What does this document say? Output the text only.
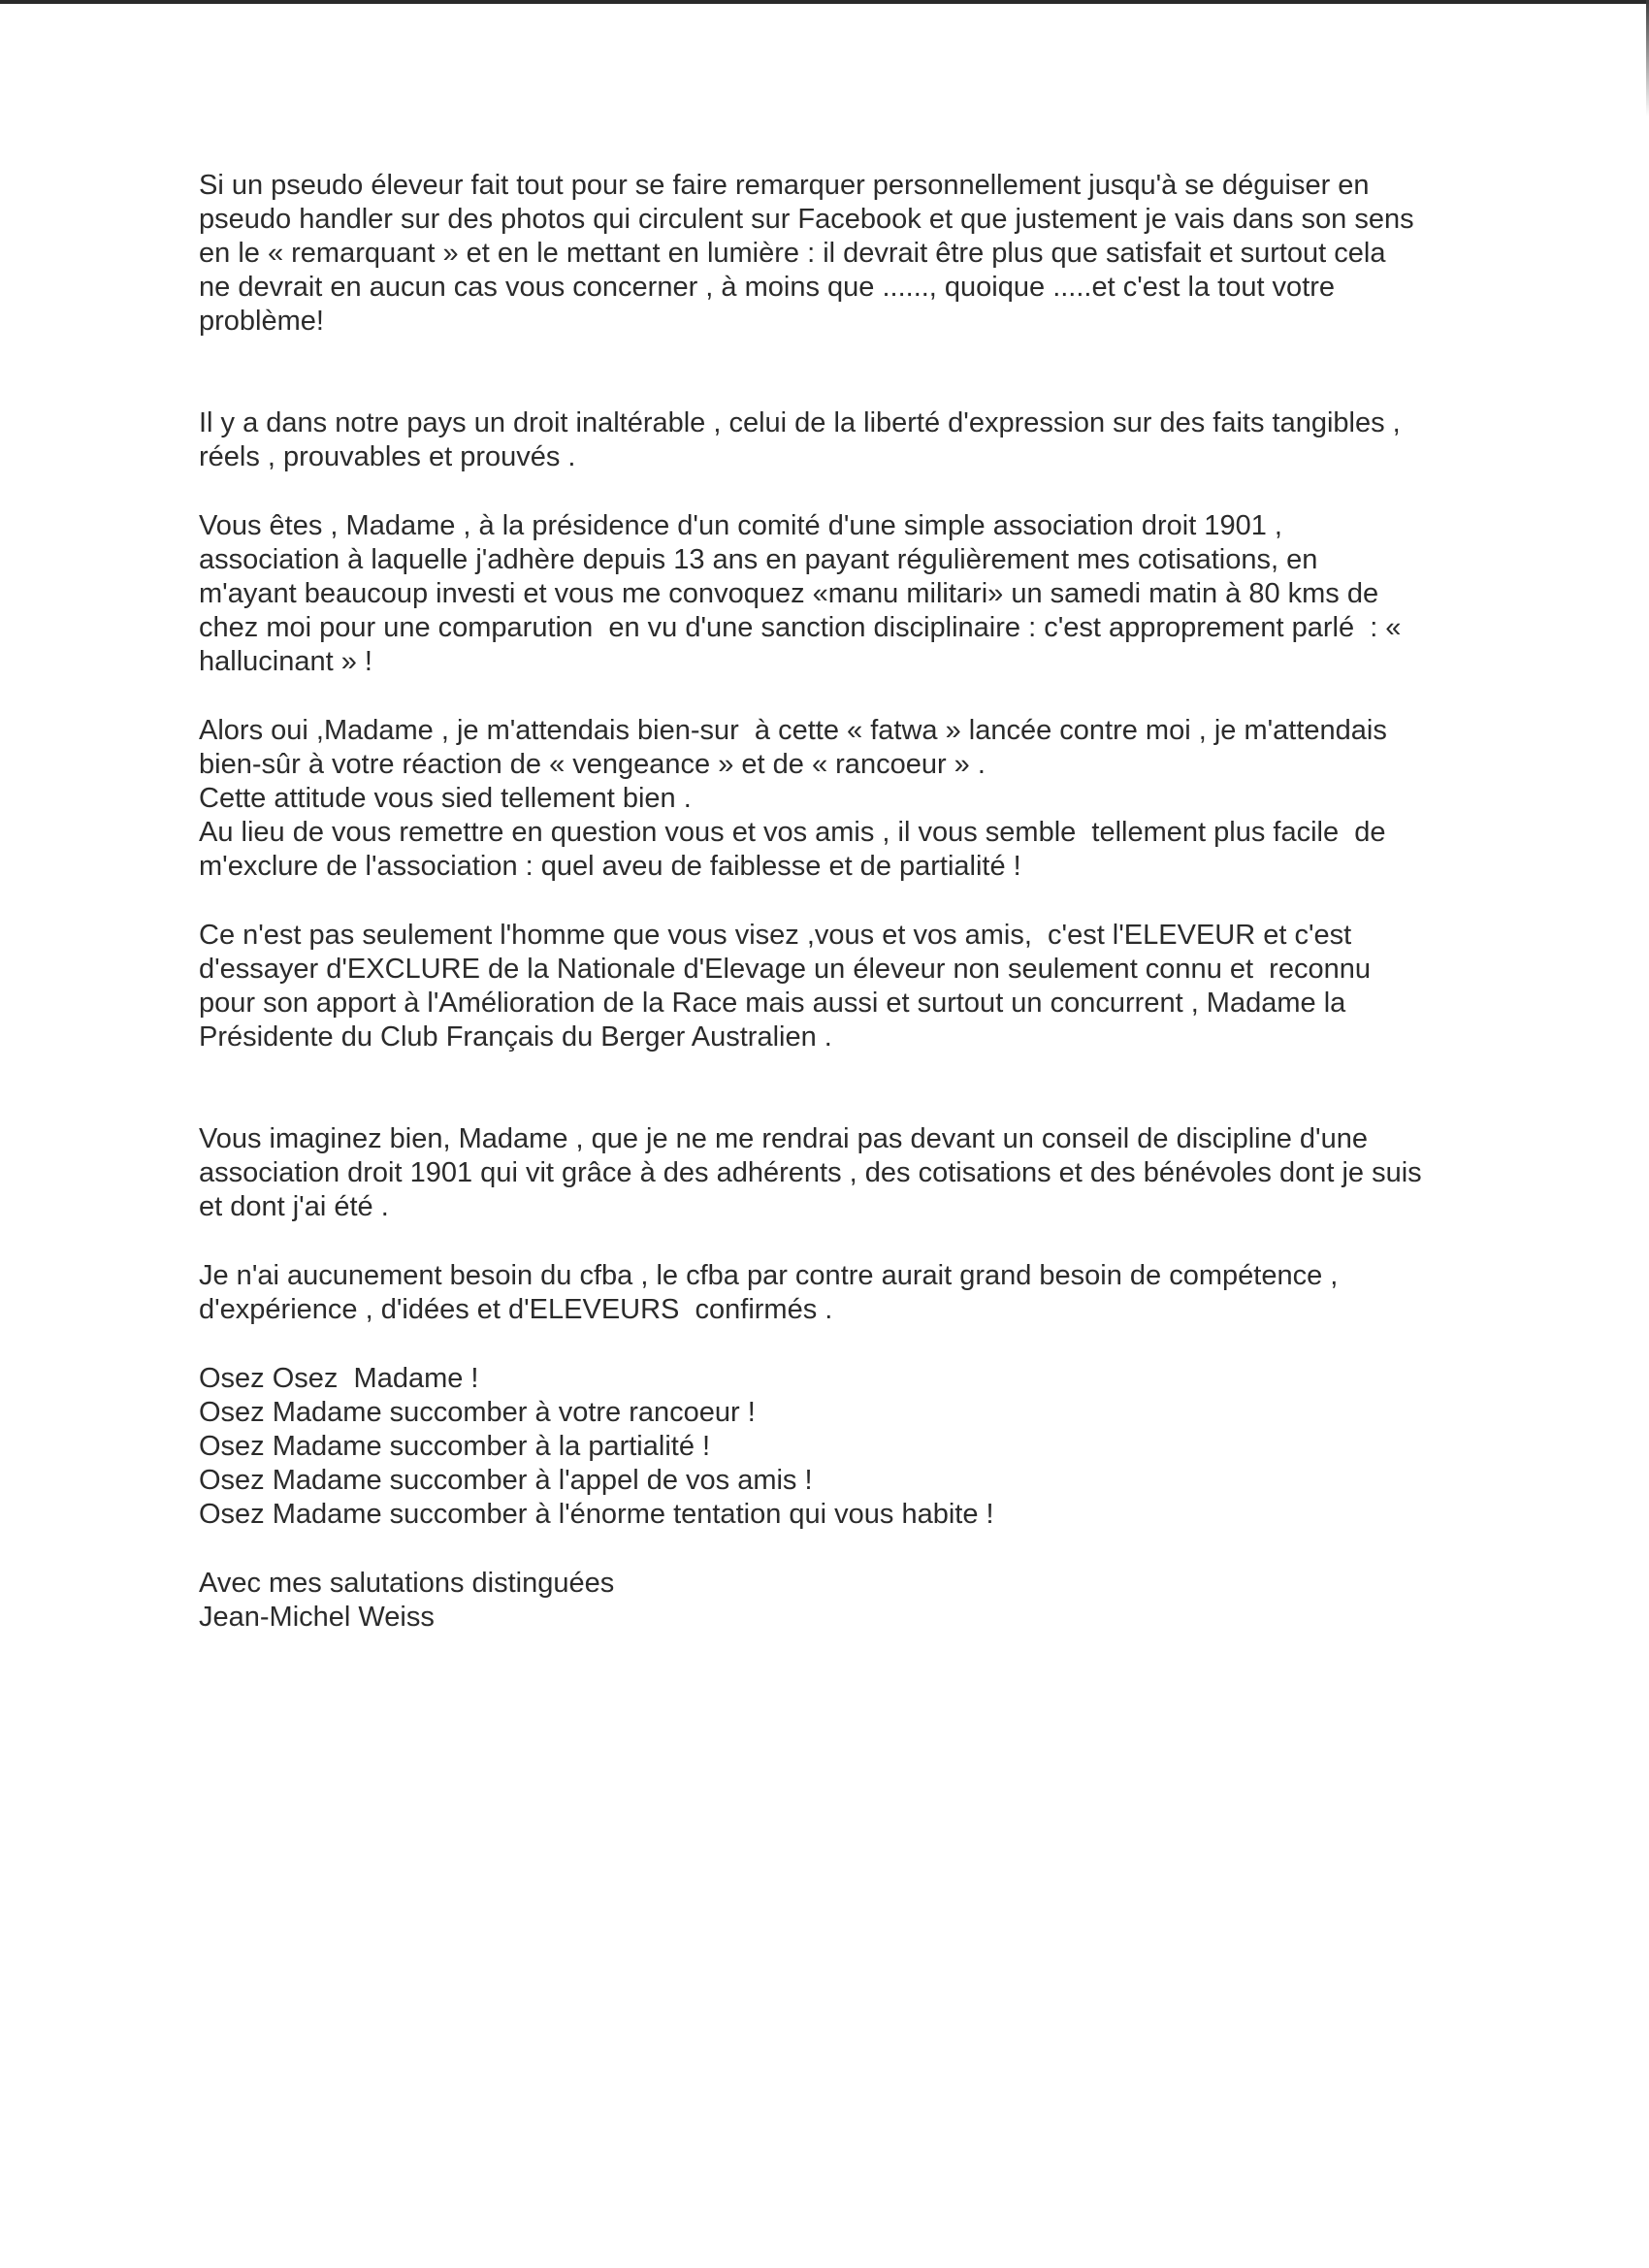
Si un pseudo éleveur fait tout pour se faire remarquer personnellement jusqu'à se déguiser en
pseudo handler sur des photos qui circulent sur Facebook et que justement je vais dans son sens
en le « remarquant » et en le mettant en lumière : il devrait être plus que satisfait et surtout cela
ne devrait en aucun cas vous concerner , à moins que ......, quoique .....et c'est la tout votre
problème!

Il y a dans notre pays un droit inaltérable , celui de la liberté d'expression sur des faits tangibles ,
réels , prouvables et prouvés .

Vous êtes , Madame , à la présidence d'un comité d'une simple association droit 1901 ,
association à laquelle j'adhère depuis 13 ans en payant régulièrement mes cotisations, en
m'ayant beaucoup investi et vous me convoquez «manu militari» un samedi matin à 80 kms de
chez moi pour une comparution  en vu d'une sanction disciplinaire : c'est approprement parlé  : «
hallucinant » !

Alors oui ,Madame , je m'attendais bien-sur  à cette « fatwa » lancée contre moi , je m'attendais
bien-sûr à votre réaction de « vengeance » et de « rancoeur » .
Cette attitude vous sied tellement bien .
Au lieu de vous remettre en question vous et vos amis , il vous semble  tellement plus facile  de
m'exclure de l'association : quel aveu de faiblesse et de partialité !

Ce n'est pas seulement l'homme que vous visez ,vous et vos amis,  c'est l'ELEVEUR et c'est
d'essayer d'EXCLURE de la Nationale d'Elevage un éleveur non seulement connu et  reconnu
pour son apport à l'Amélioration de la Race mais aussi et surtout un concurrent , Madame la
Présidente du Club Français du Berger Australien .

Vous imaginez bien, Madame , que je ne me rendrai pas devant un conseil de discipline d'une
association droit 1901 qui vit grâce à des adhérents , des cotisations et des bénévoles dont je suis
et dont j'ai été .

Je n'ai aucunement besoin du cfba , le cfba par contre aurait grand besoin de compétence ,
d'expérience , d'idées et d'ELEVEURS  confirmés .

Osez Osez  Madame !
Osez Madame succomber à votre rancoeur !
Osez Madame succomber à la partialité !
Osez Madame succomber à l'appel de vos amis !
Osez Madame succomber à l'énorme tentation qui vous habite !

Avec mes salutations distinguées
Jean-Michel Weiss
